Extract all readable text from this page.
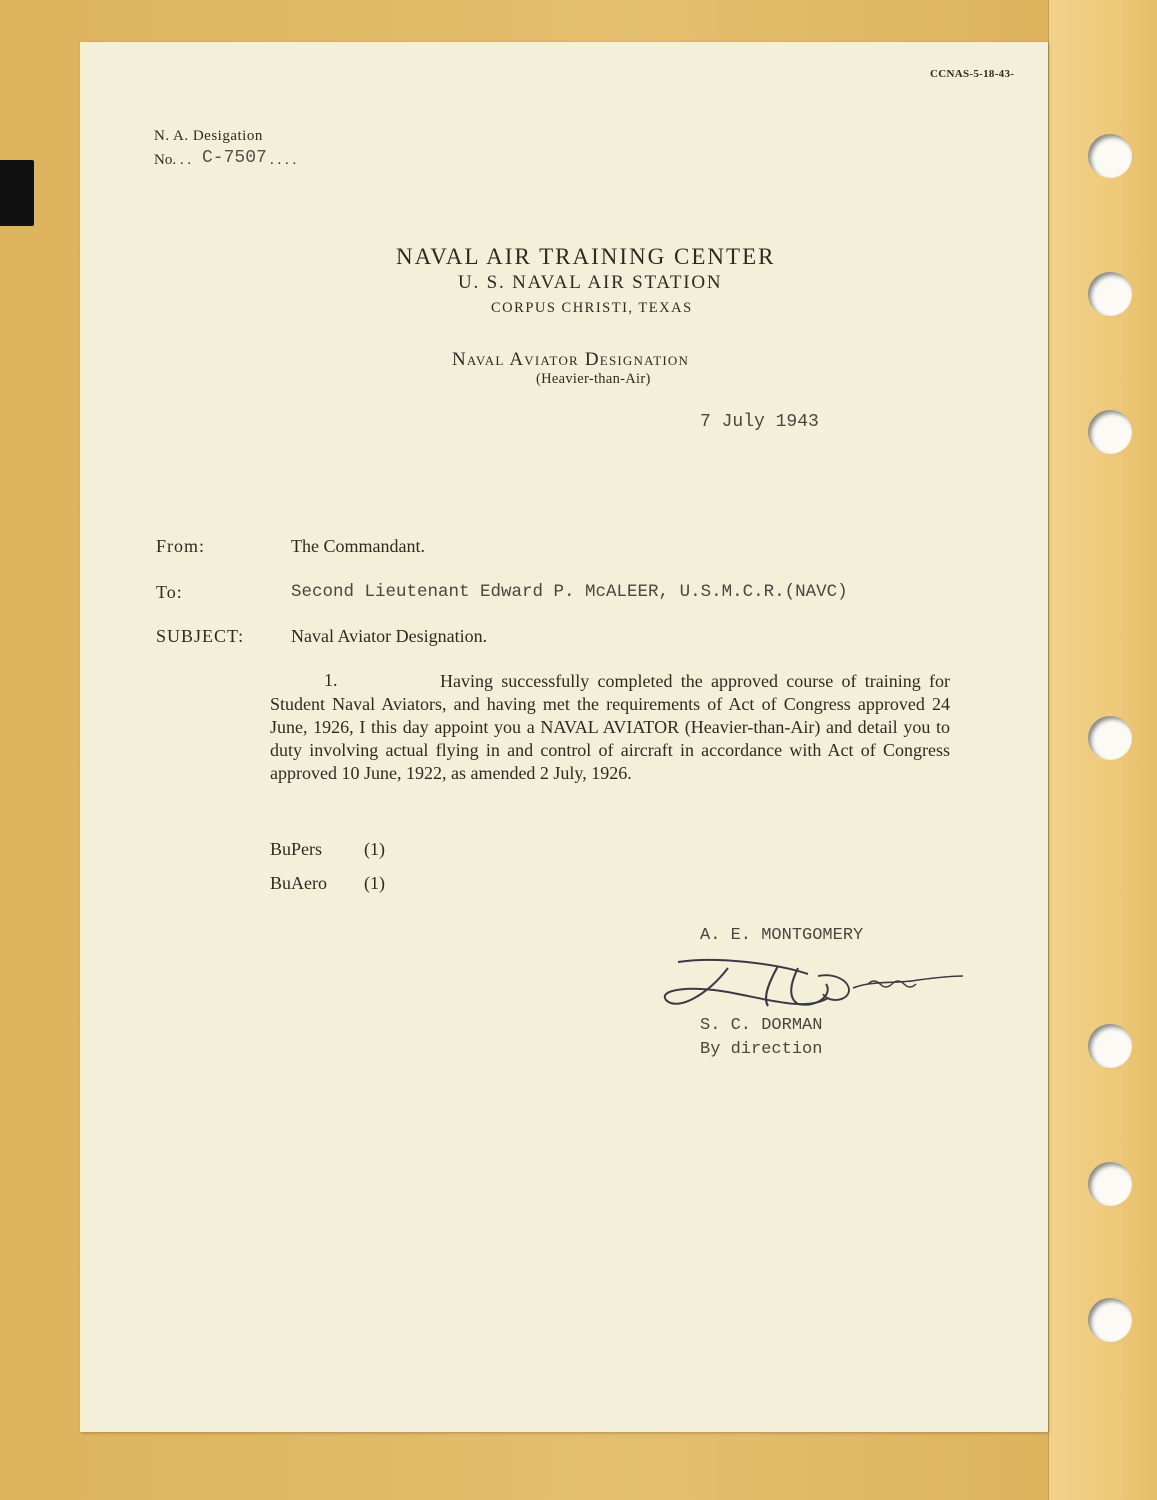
CCNAS-5-18-43-
N. A. Desigation
No. . . C-7507 . . . .
NAVAL AIR TRAINING CENTER
U. S. NAVAL AIR STATION
CORPUS CHRISTI, TEXAS
Naval Aviator Designation
(Heavier-than-Air)
7 July 1943
From:	The Commandant.
To:	Second Lieutenant Edward P. McALEER, U.S.M.C.R.(NAVC)
SUBJECT:	Naval Aviator Designation.
1.	Having successfully completed the approved course of training for Student Naval Aviators, and having met the requirements of Act of Congress approved 24 June, 1926, I this day appoint you a NAVAL AVIATOR (Heavier-than-Air) and detail you to duty involving actual flying in and control of aircraft in accordance with Act of Congress approved 10 June, 1922, as amended 2 July, 1926.
BuPers (1)
BuAero (1)
A. E. MONTGOMERY
S. C. DORMAN
By direction
